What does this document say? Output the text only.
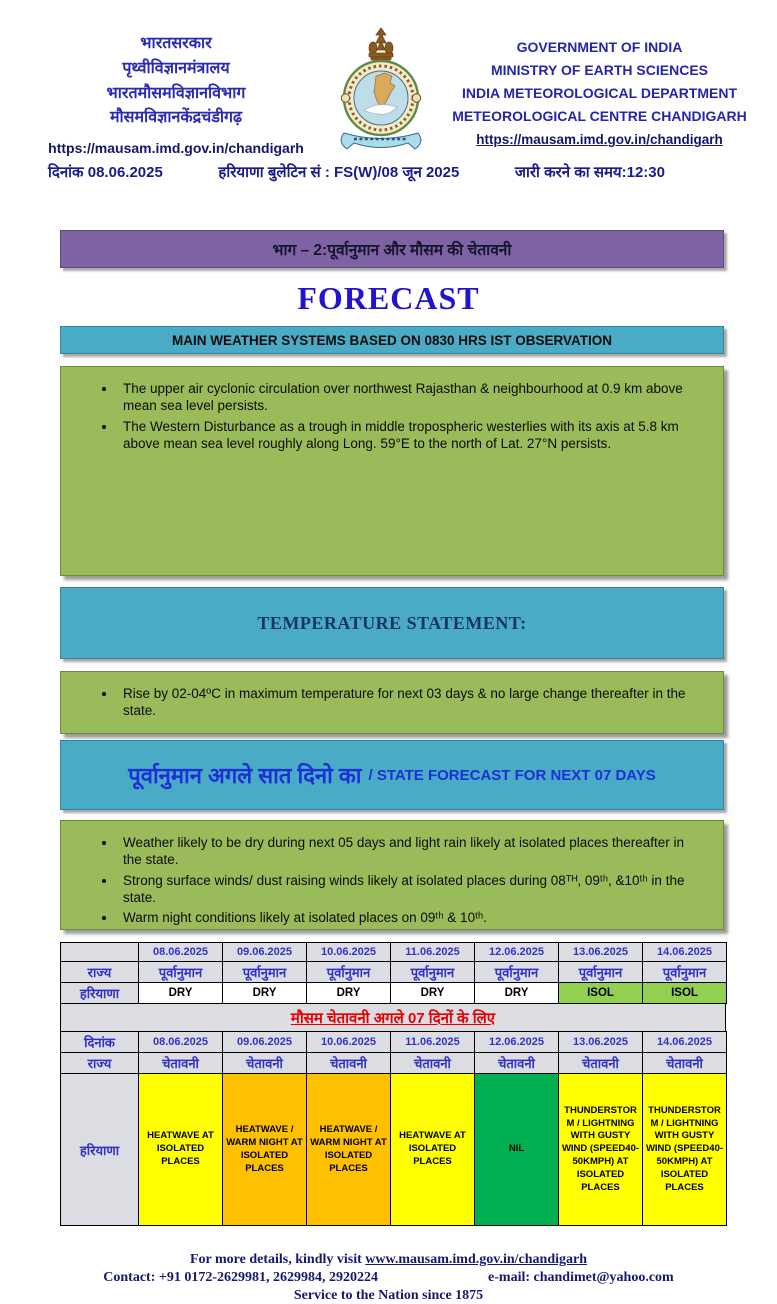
भारतसरकार
पृथ्वीविज्ञानमंत्रालय
भारतमौसमविज्ञानविभाग
मौसमविज्ञानकेंद्रचंडीगढ़
https://mausam.imd.gov.in/chandigarh
GOVERNMENT OF INDIA
MINISTRY OF EARTH SCIENCES
INDIA METEOROLOGICAL DEPARTMENT
METEOROLOGICAL CENTRE CHANDIGARH
https://mausam.imd.gov.in/chandigarh
दिनांक 08.06.2025	हरियाणा बुलेटिन सं : FS(W)/08 जून 2025	जारी करने का समय:12:30
भाग – 2:पूर्वानुमान और मौसम की चेतावनी
FORECAST
MAIN WEATHER SYSTEMS BASED ON 0830 HRS IST OBSERVATION
• The upper air cyclonic circulation over northwest Rajasthan & neighbourhood at 0.9 km above mean sea level persists.
• The Western Disturbance as a trough in middle tropospheric westerlies with its axis at 5.8 km above mean sea level roughly along Long. 59°E to the north of Lat. 27°N persists.
TEMPERATURE STATEMENT:
• Rise by 02-04ºC in maximum temperature for next 03 days & no large change thereafter in the state.
पूर्वानुमान अगले सात दिनो का / STATE FORECAST FOR NEXT 07 DAYS
• Weather likely to be dry during next 05 days and light rain likely at isolated places thereafter in the state.
• Strong surface winds/ dust raising winds likely at isolated places during 08ᵀᴴ, 09ᵗʰ, &10ᵗʰ in the state.
• Warm night conditions likely at isolated places on 09ᵗʰ & 10ᵗʰ.
	08.06.2025	09.06.2025	10.06.2025	11.06.2025	12.06.2025	13.06.2025	14.06.2025
राज्य	पूर्वानुमान	पूर्वानुमान	पूर्वानुमान	पूर्वानुमान	पूर्वानुमान	पूर्वानुमान	पूर्वानुमान
हरियाणा	DRY	DRY	DRY	DRY	DRY	ISOL	ISOL
मौसम चेतावनी अगले 07 दिनों के लिए
दिनांक	08.06.2025	09.06.2025	10.06.2025	11.06.2025	12.06.2025	13.06.2025	14.06.2025
राज्य	चेतावनी	चेतावनी	चेतावनी	चेतावनी	चेतावनी	चेतावनी	चेतावनी
हरियाणा	HEATWAVE AT ISOLATED PLACES	HEATWAVE / WARM NIGHT AT ISOLATED PLACES	HEATWAVE / WARM NIGHT AT ISOLATED PLACES	HEATWAVE AT ISOLATED PLACES	NIL	THUNDERSTORM / LIGHTNING WITH GUSTY WIND (SPEED40-50KMPH) AT ISOLATED PLACES	THUNDERSTORM / LIGHTNING WITH GUSTY WIND (SPEED40-50KMPH) AT ISOLATED PLACES
For more details, kindly visit www.mausam.imd.gov.in/chandigarh
Contact: +91 0172-2629981, 2629984, 2920224	e-mail: chandimet@yahoo.com
Service to the Nation since 1875
